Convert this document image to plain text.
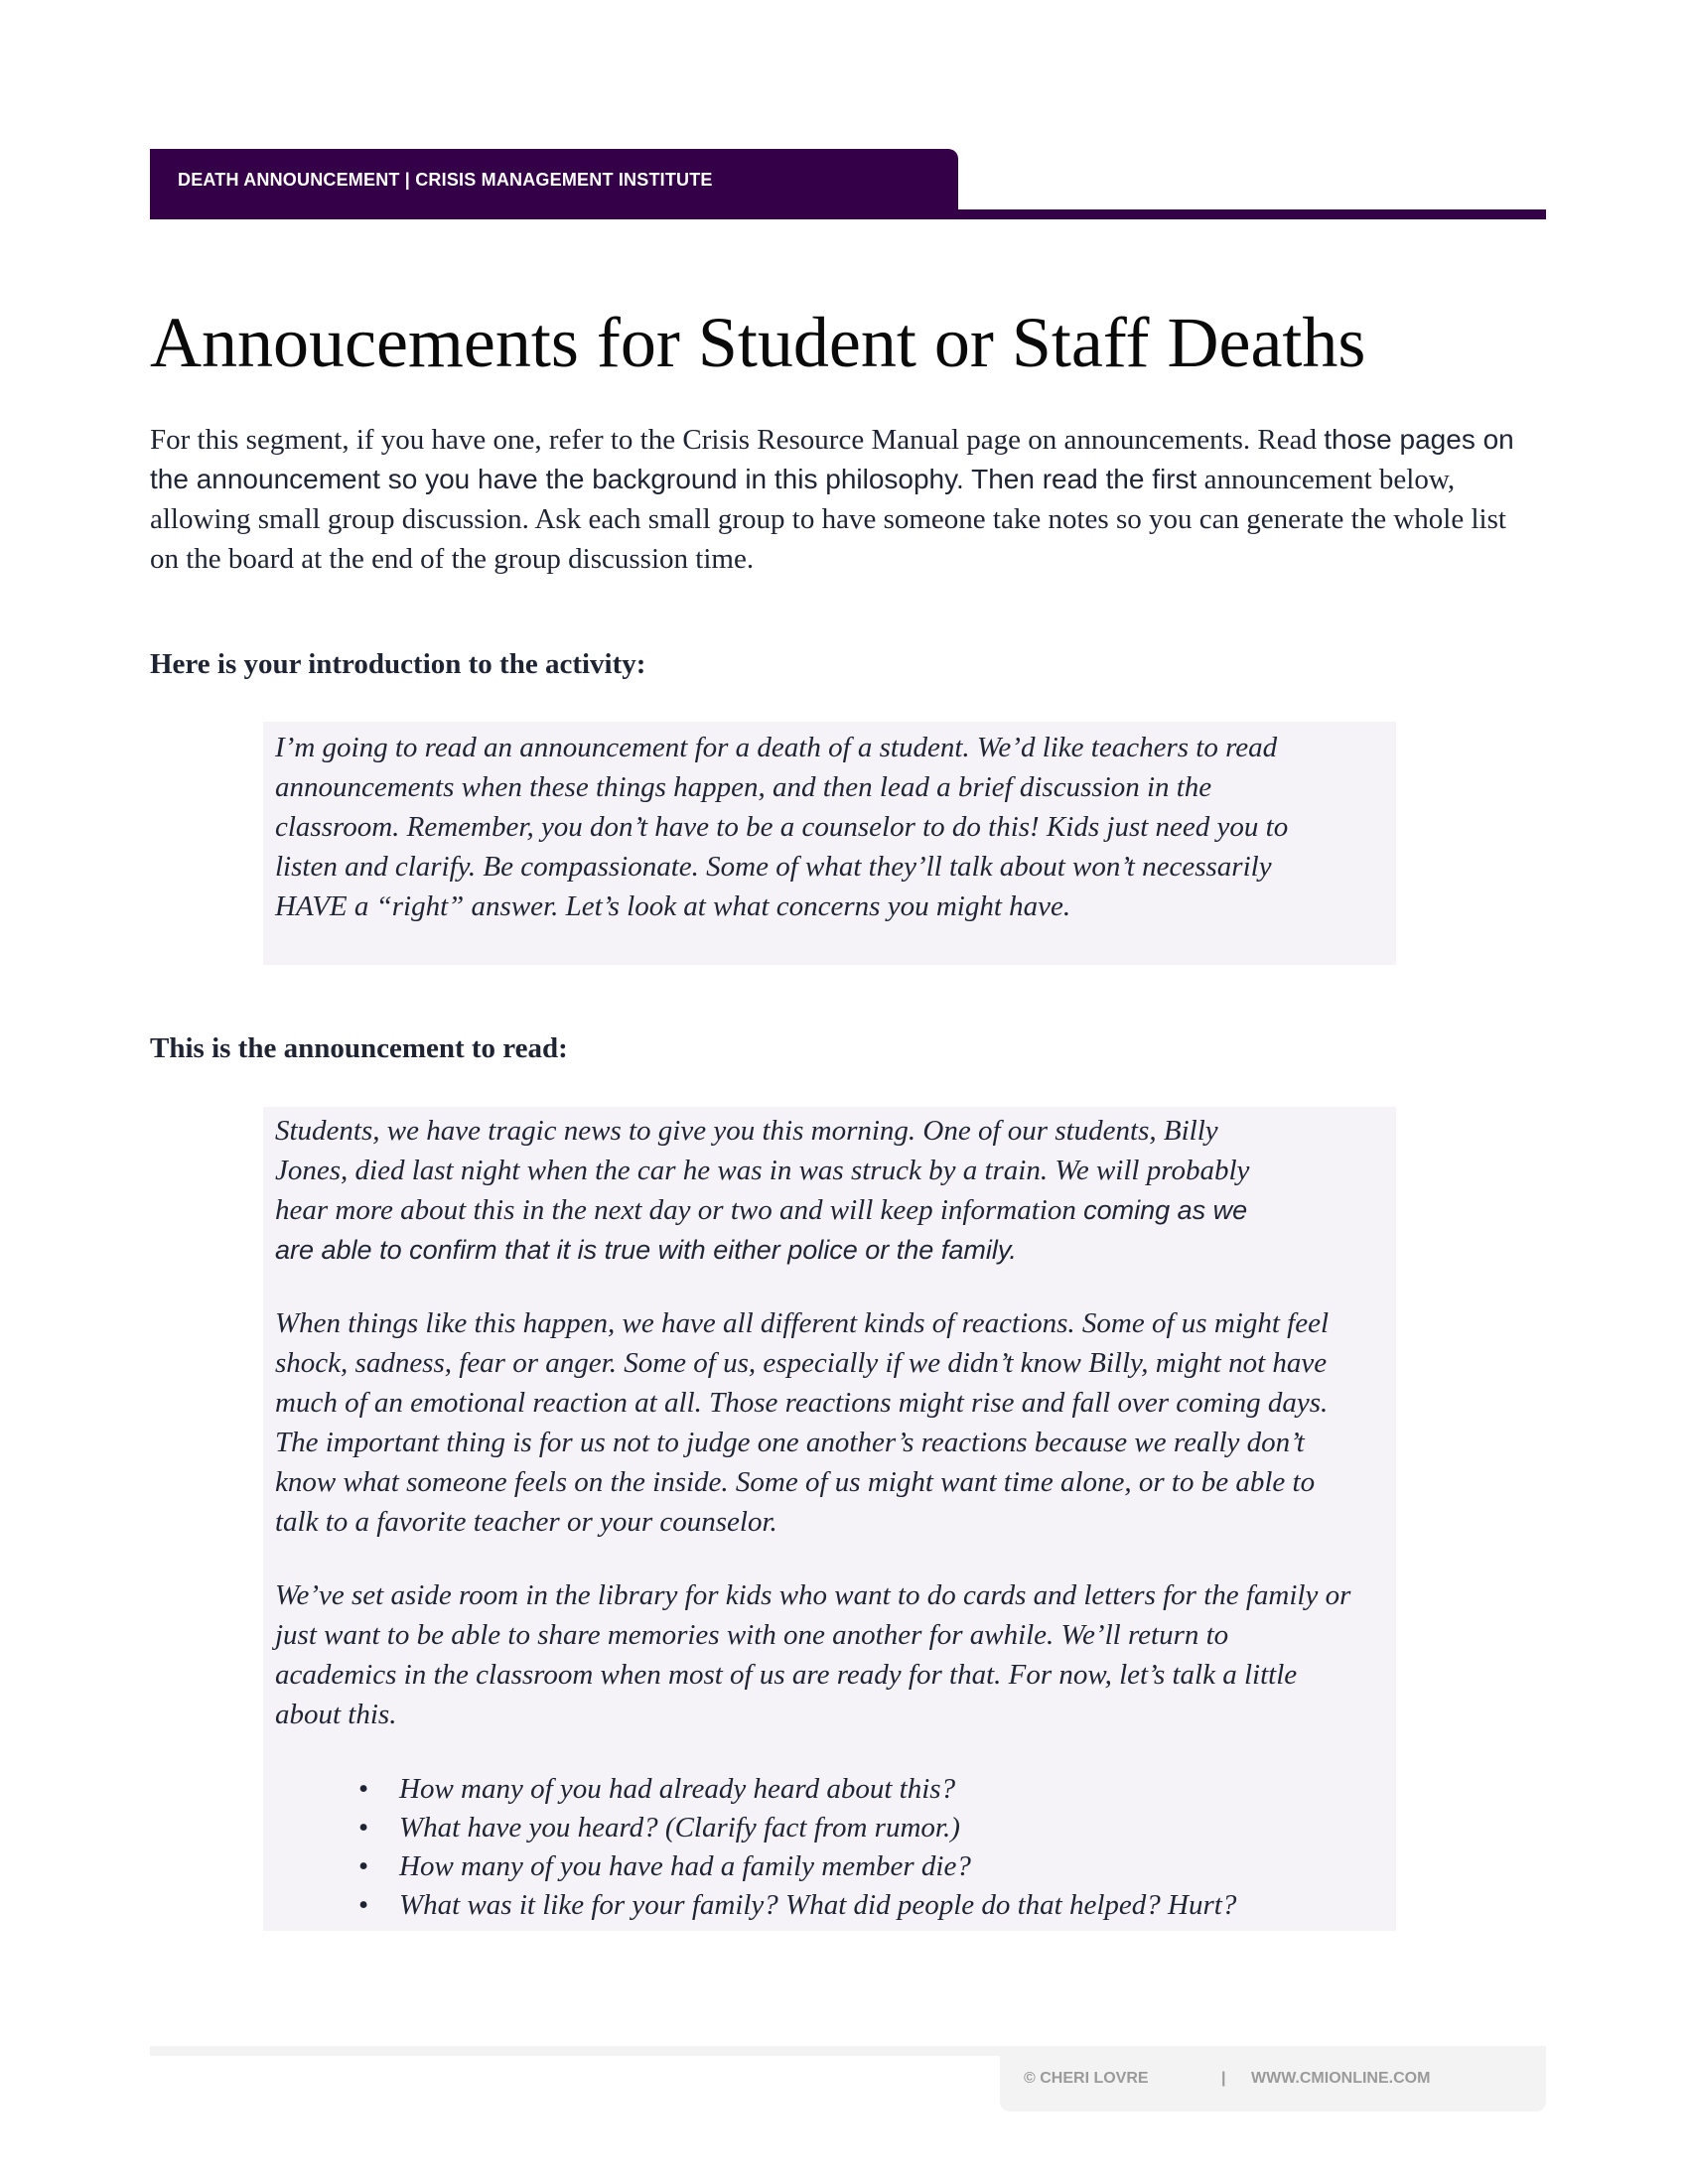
DEATH ANNOUNCEMENT | CRISIS MANAGEMENT INSTITUTE
Annoucements for Student or Staff Deaths

For this segment, if you have one, refer to the Crisis Resource Manual page on announcements. Read those pages on the announcement so you have the background in this philosophy. Then read the first announcement below, allowing small group discussion. Ask each small group to have someone take notes so you can generate the whole list on the board at the end of the group discussion time.

Here is your introduction to the activity:

I’m going to read an announcement for a death of a student. We’d like teachers to read announcements when these things happen, and then lead a brief discussion in the classroom. Remember, you don’t have to be a counselor to do this! Kids just need you to listen and clarify. Be compassionate. Some of what they’ll talk about won’t necessarily HAVE a “right” answer. Let’s look at what concerns you might have.

This is the announcement to read:

Students, we have tragic news to give you this morning. One of our students, Billy Jones, died last night when the car he was in was struck by a train. We will probably hear more about this in the next day or two and will keep information coming as we are able to confirm that it is true with either police or the family.

When things like this happen, we have all different kinds of reactions. Some of us might feel shock, sadness, fear or anger. Some of us, especially if we didn’t know Billy, might not have much of an emotional reaction at all. Those reactions might rise and fall over coming days. The important thing is for us not to judge one another’s reactions because we really don’t know what someone feels on the inside. Some of us might want time alone, or to be able to talk to a favorite teacher or your counselor.

We’ve set aside room in the library for kids who want to do cards and letters for the family or just want to be able to share memories with one another for awhile. We’ll return to academics in the classroom when most of us are ready for that. For now, let’s talk a little about this.

• How many of you had already heard about this?
• What have you heard? (Clarify fact from rumor.)
• How many of you have had a family member die?
• What was it like for your family? What did people do that helped? Hurt?
© CHERI LOVRE	| WWW.CMIONLINE.COM
